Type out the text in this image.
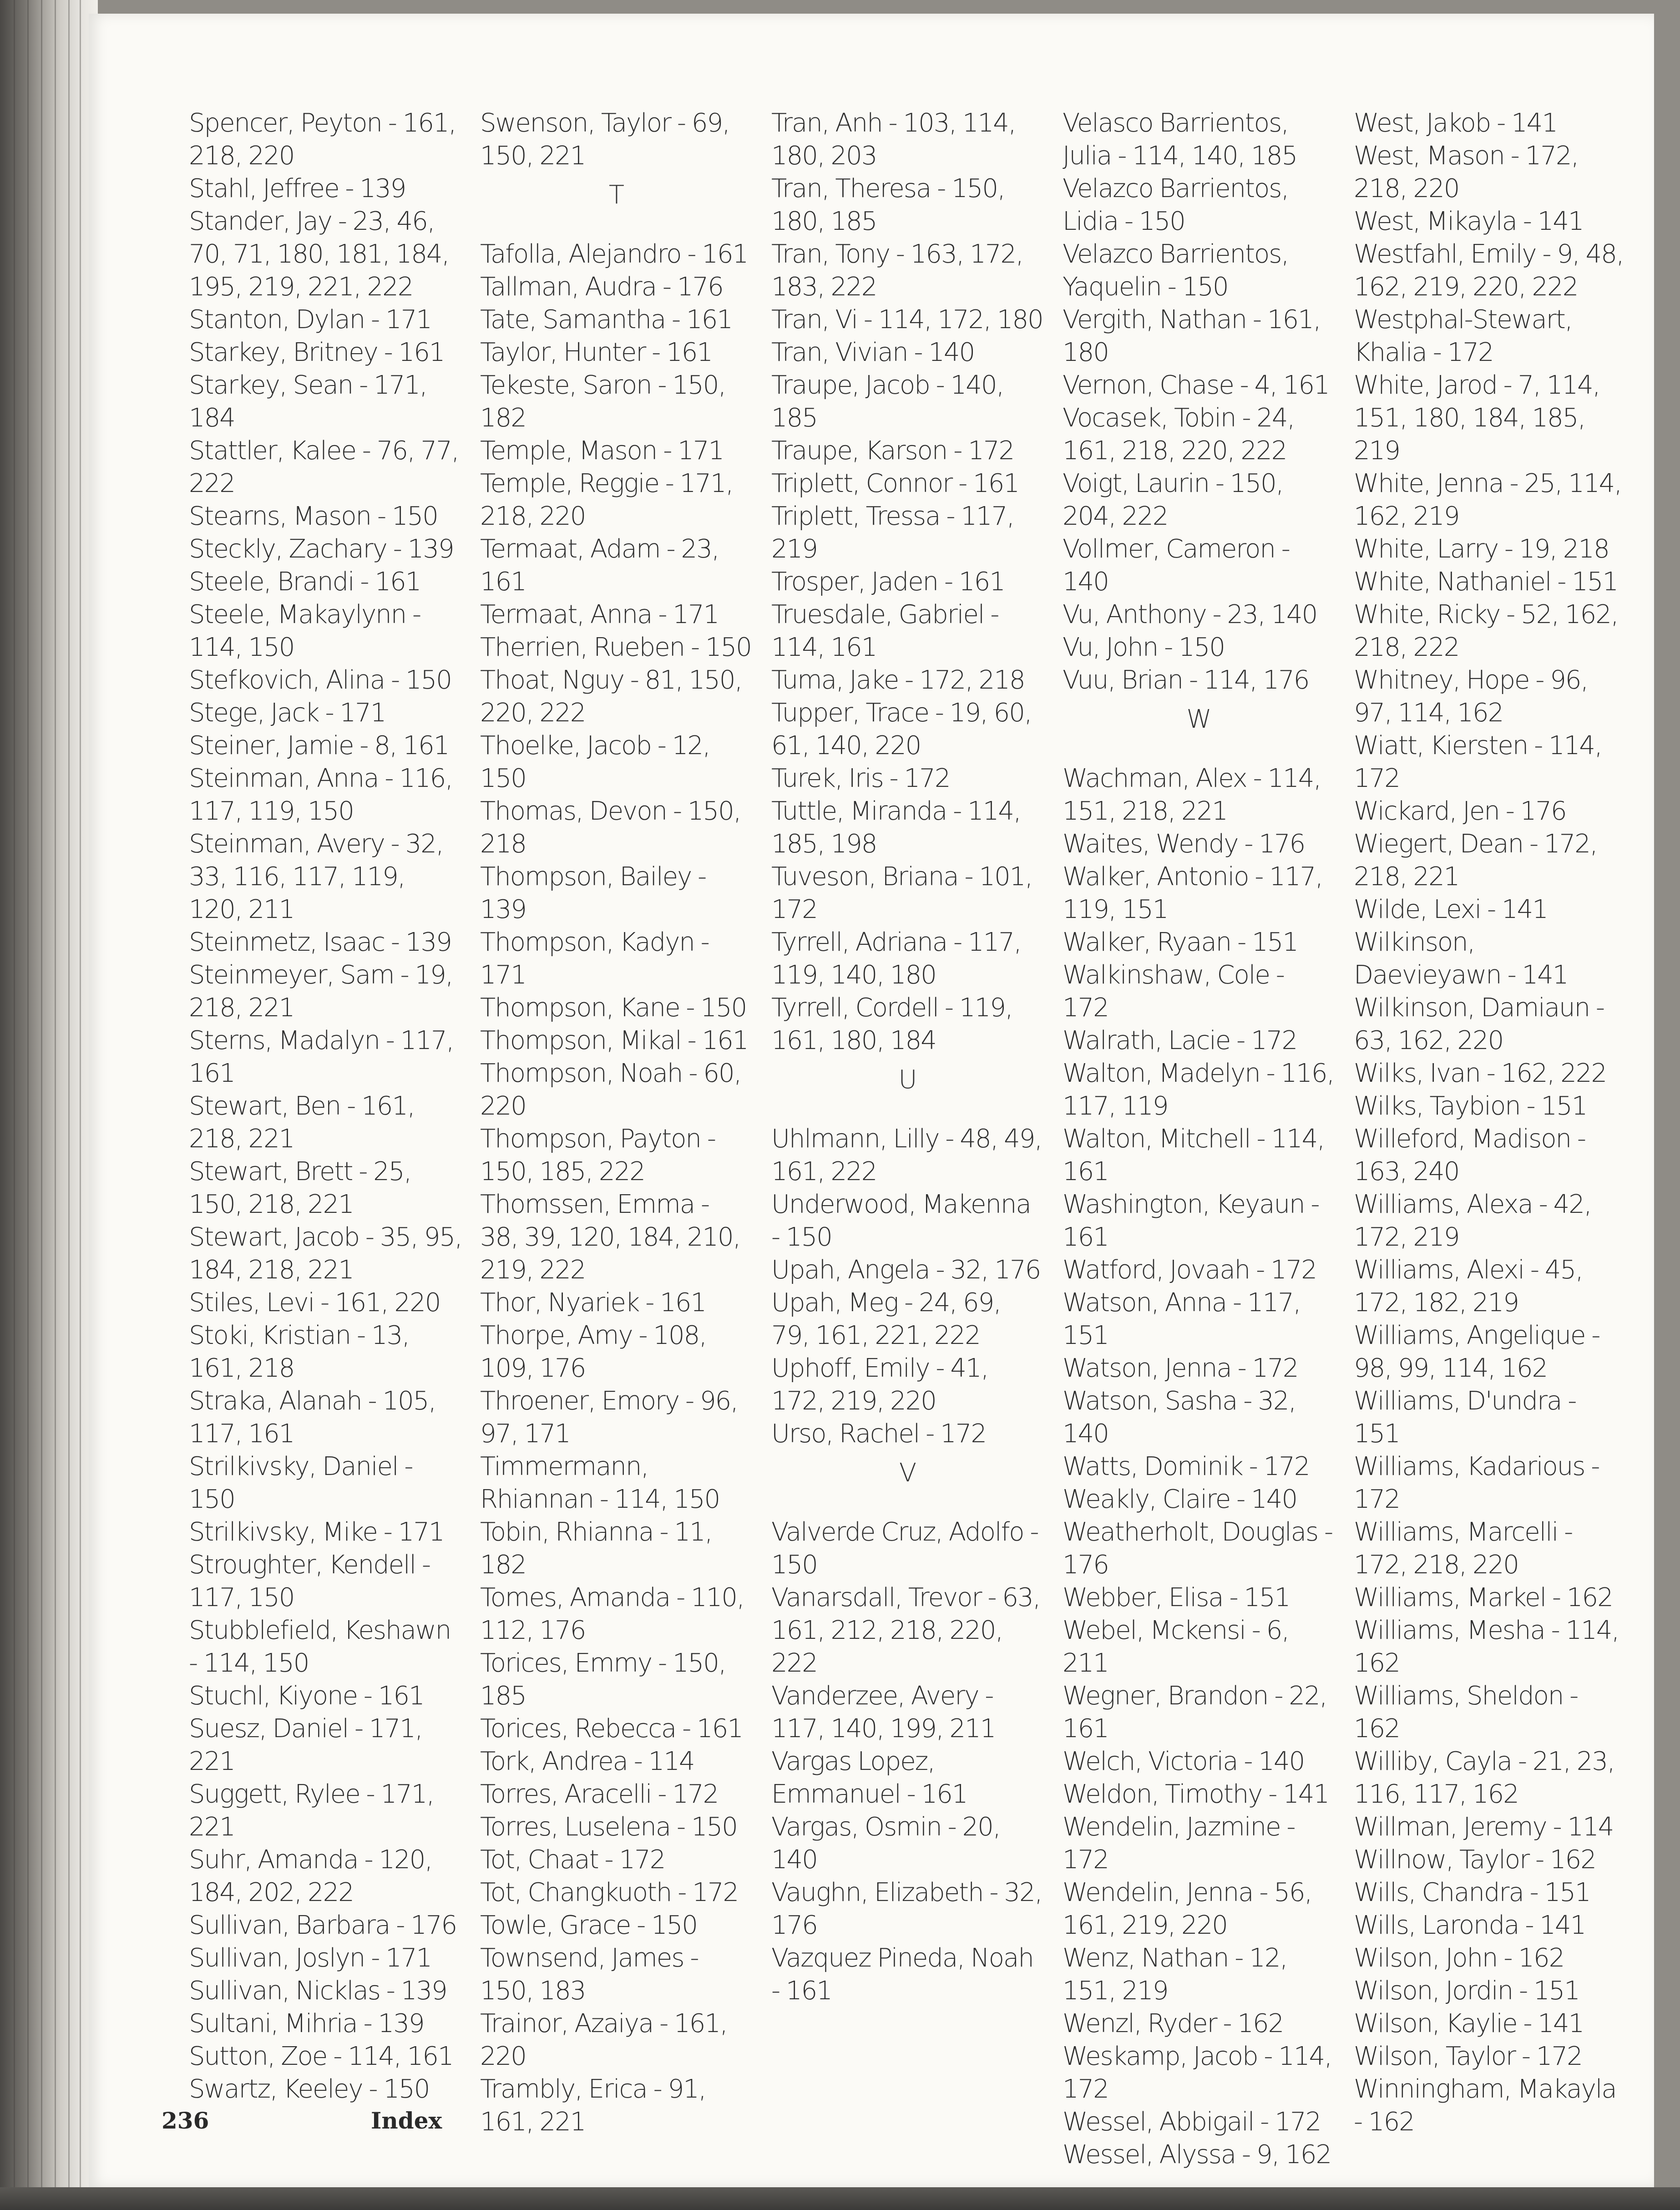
Spencer, Peyton - 161, 218, 220

Stahl, Jeffree - 139

Stander, Jay - 23, 46, 70, 71, 180, 181, 184, 195, 219, 221, 222

Stanton, Dylan - 171

Starkey, Britney - 161

Starkey, Sean - 171, 184

Stattler, Kalee - 76, 77, 222

Stearns, Mason - 150

Steckly, Zachary - 139

Steele, Brandi - 161

Steele, Makaylynn - 114, 150

Stefkovich, Alina - 150

Stege, Jack - 171

Steiner, Jamie - 8, 161

Steinman, Anna - 116, 117, 119, 150

Steinman, Avery - 32, 33, 116, 117, 119, 120, 211

Steinmetz, Isaac - 139

Steinmeyer, Sam - 19, 218, 221

Sterns, Madalyn - 117, 161

Stewart, Ben - 161, 218, 221

Stewart, Brett - 25, 150, 218, 221

Stewart, Jacob - 35, 95, 184, 218, 221

Stiles, Levi - 161, 220

Stoki, Kristian - 13, 161, 218

Straka, Alanah - 105, 117, 161

Strilkivsky, Daniel - 150

Strilkivsky, Mike - 171

Stroughter, Kendell - 117, 150

Stubblefield, Keshawn - 114, 150

Stuchl, Kiyone - 161

Suesz, Daniel - 171, 221

Suggett, Rylee - 171, 221

Suhr, Amanda - 120, 184, 202, 222

Sullivan, Barbara - 176

Sullivan, Joslyn - 171

Sullivan, Nicklas - 139

Sultani, Mihria - 139

Sutton, Zoe - 114, 161

Swartz, Keeley - 150

Swenson, Taylor - 69, 150, 221

T

Tafolla, Alejandro - 161

Tallman, Audra - 176

Tate, Samantha - 161

Taylor, Hunter - 161

Tekeste, Saron - 150, 182

Temple, Mason - 171

Temple, Reggie - 171, 218, 220

Termaat, Adam - 23, 161

Termaat, Anna - 171

Therrien, Rueben - 150

Thoat, Nguy - 81, 150, 220, 222

Thoelke, Jacob - 12, 150

Thomas, Devon - 150, 218

Thompson, Bailey - 139

Thompson, Kadyn - 171

Thompson, Kane - 150

Thompson, Mikal - 161

Thompson, Noah - 60, 220

Thompson, Payton - 150, 185, 222

Thomssen, Emma - 38, 39, 120, 184, 210, 219, 222

Thor, Nyariek - 161

Thorpe, Amy - 108, 109, 176

Throener, Emory - 96, 97, 171

Timmermann, Rhiannan - 114, 150

Tobin, Rhianna - 11, 182

Tomes, Amanda - 110, 112, 176

Torices, Emmy - 150, 185

Torices, Rebecca - 161

Tork, Andrea - 114

Torres, Aracelli - 172

Torres, Luselena - 150

Tot, Chaat - 172

Tot, Changkuoth - 172

Towle, Grace - 150

Townsend, James - 150, 183

Trainor, Azaiya - 161, 220

Trambly, Erica - 91, 161, 221

Tran, Anh - 103, 114, 180, 203

Tran, Theresa - 150, 180, 185

Tran, Tony - 163, 172, 183, 222

Tran, Vi - 114, 172, 180

Tran, Vivian - 140

Traupe, Jacob - 140, 185

Traupe, Karson - 172

Triplett, Connor - 161

Triplett, Tressa - 117, 219

Trosper, Jaden - 161

Truesdale, Gabriel - 114, 161

Tuma, Jake - 172, 218

Tupper, Trace - 19, 60, 61, 140, 220

Turek, Iris - 172

Tuttle, Miranda - 114, 185, 198

Tuveson, Briana - 101, 172

Tyrrell, Adriana - 117, 119, 140, 180

Tyrrell, Cordell - 119, 161, 180, 184

U

Uhlmann, Lilly - 48, 49, 161, 222

Underwood, Makenna - 150

Upah, Angela - 32, 176

Upah, Meg - 24, 69, 79, 161, 221, 222

Uphoff, Emily - 41, 172, 219, 220

Urso, Rachel - 172

V

Valverde Cruz, Adolfo - 150

Vanarsdall, Trevor - 63, 161, 212, 218, 220, 222

Vanderzee, Avery - 117, 140, 199, 211

Vargas Lopez, Emmanuel - 161

Vargas, Osmin - 20, 140

Vaughn, Elizabeth - 32, 176

Vazquez Pineda, Noah - 161

Velasco Barrientos, Julia - 114, 140, 185

Velazco Barrientos, Lidia - 150

Velazco Barrientos, Yaquelin - 150

Vergith, Nathan - 161, 180

Vernon, Chase - 4, 161

Vocasek, Tobin - 24, 161, 218, 220, 222

Voigt, Laurin - 150, 204, 222

Vollmer, Cameron - 140

Vu, Anthony - 23, 140

Vu, John - 150

Vuu, Brian - 114, 176

W

Wachman, Alex - 114, 151, 218, 221

Waites, Wendy - 176

Walker, Antonio - 117, 119, 151

Walker, Ryaan - 151

Walkinshaw, Cole - 172

Walrath, Lacie - 172

Walton, Madelyn - 116, 117, 119

Walton, Mitchell - 114, 161

Washington, Keyaun - 161

Watford, Jovaah - 172

Watson, Anna - 117, 151

Watson, Jenna - 172

Watson, Sasha - 32, 140

Watts, Dominik - 172

Weakly, Claire - 140

Weatherholt, Douglas - 176

Webber, Elisa - 151

Webel, Mckensi - 6, 211

Wegner, Brandon - 22, 161

Welch, Victoria - 140

Weldon, Timothy - 141

Wendelin, Jazmine - 172

Wendelin, Jenna - 56, 161, 219, 220

Wenz, Nathan - 12, 151, 219

Wenzl, Ryder - 162

Weskamp, Jacob - 114, 172

Wessel, Abbigail - 172

Wessel, Alyssa - 9, 162

West, Jakob - 141

West, Mason - 172, 218, 220

West, Mikayla - 141

Westfahl, Emily - 9, 48, 162, 219, 220, 222

Westphal-Stewart, Khalia - 172

White, Jarod - 7, 114, 151, 180, 184, 185, 219

White, Jenna - 25, 114, 162, 219

White, Larry - 19, 218

White, Nathaniel - 151

White, Ricky - 52, 162, 218, 222

Whitney, Hope - 96, 97, 114, 162

Wiatt, Kiersten - 114, 172

Wickard, Jen - 176

Wiegert, Dean - 172, 218, 221

Wilde, Lexi - 141

Wilkinson, Daevieyawn - 141

Wilkinson, Damiaun - 63, 162, 220

Wilks, Ivan - 162, 222

Wilks, Taybion - 151

Willeford, Madison - 163, 240

Williams, Alexa - 42, 172, 219

Williams, Alexi - 45, 172, 182, 219

Williams, Angelique - 98, 99, 114, 162

Williams, D'undra - 151

Williams, Kadarious - 172

Williams, Marcelli - 172, 218, 220

Williams, Markel - 162

Williams, Mesha - 114, 162

Williams, Sheldon - 162

Williby, Cayla - 21, 23, 116, 117, 162

Willman, Jeremy - 114

Willnow, Taylor - 162

Wills, Chandra - 151

Wills, Laronda - 141

Wilson, John - 162

Wilson, Jordin - 151

Wilson, Kaylie - 141

Wilson, Taylor - 172

Winningham, Makayla - 162

236	Index
